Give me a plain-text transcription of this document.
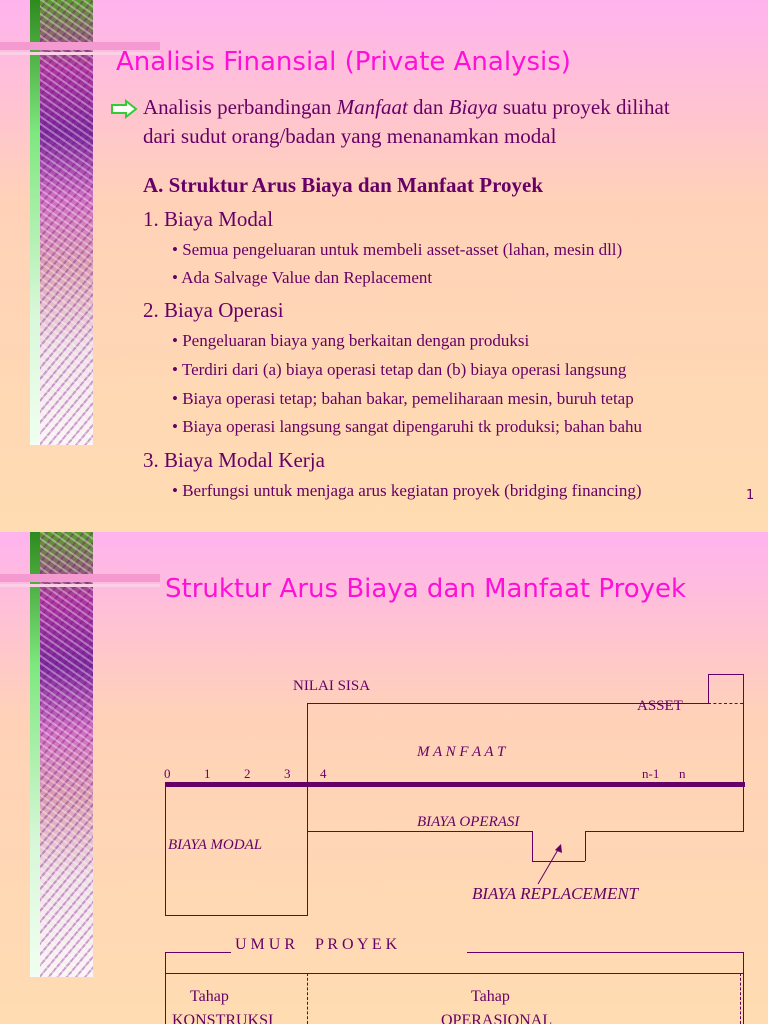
Analisis Finansial (Private Analysis)
Analisis perbandingan Manfaat dan Biaya suatu proyek dilihat
dari sudut orang/badan yang menanamkan modal
A. Struktur Arus Biaya dan Manfaat Proyek
1. Biaya Modal
• Semua pengeluaran untuk membeli asset-asset (lahan, mesin dll)
• Ada Salvage Value dan Replacement
2. Biaya Operasi
• Pengeluaran biaya yang berkaitan dengan produksi
• Terdiri dari (a) biaya operasi tetap dan (b) biaya operasi langsung
• Biaya operasi tetap; bahan bakar, pemeliharaan mesin, buruh tetap
• Biaya operasi langsung sangat dipengaruhi tk produksi; bahan bahu
3. Biaya Modal Kerja
• Berfungsi untuk menjaga arus kegiatan proyek (bridging financing)	1
Struktur Arus Biaya dan Manfaat Proyek
NILAI SISA
ASSET
M A N F A A T
0	1	2	3 4	n-1 n
BIAYA OPERASI
BIAYA MODAL
BIAYA REPLACEMENT
U M U R     P R O Y E K
Tahap
KONSTRUKSI
Tahap
OPERASIONAL
